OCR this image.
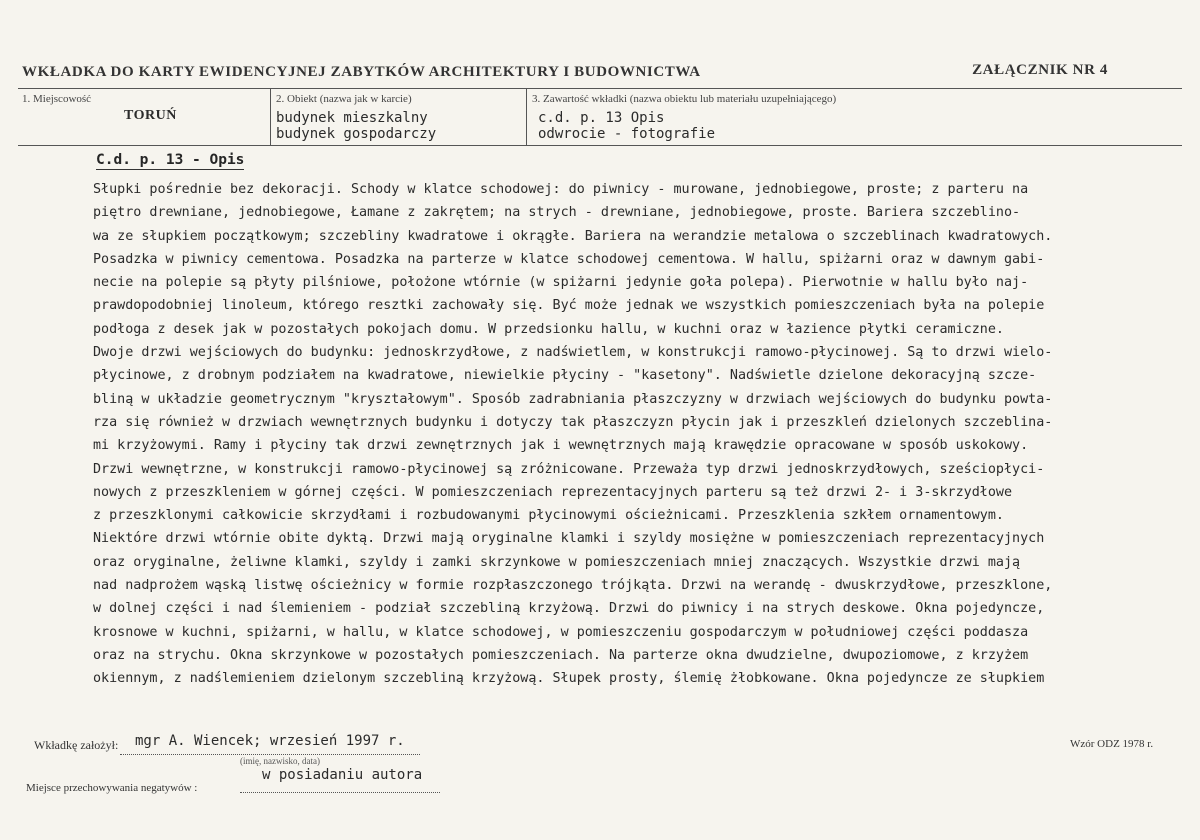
WKŁADKA DO KARTY EWIDENCYJNEJ ZABYTKÓW ARCHITEKTURY I BUDOWNICTWA	ZAŁĄCZNIK NR 4
1. Miejscowość
TORUŃ
2. Obiekt (nazwa jak w karcie)
budynek mieszkalny
budynek gospodarczy
3. Zawartość wkładki (nazwa obiektu lub materiału uzupełniającego)
c.d. p. 13 Opis
odwrocie - fotografie
C.d. p. 13 - Opis
Słupki pośrednie bez dekoracji. Schody w klatce schodowej: do piwnicy - murowane, jednobiegowe, proste; z parteru na
piętro drewniane, jednobiegowe, Łamane z zakrętem; na strych - drewniane, jednobiegowe, proste. Bariera szczeblino-
wa ze słupkiem początkowym; szczebliny kwadratowe i okrągłe. Bariera na werandzie metalowa o szczeblinach kwadratowych.
Posadzka w piwnicy cementowa. Posadzka na parterze w klatce schodowej cementowa. W hallu, spiżarni oraz w dawnym gabi-
necie na polepie są płyty pilśniowe, położone wtórnie (w spiżarni jedynie goła polepa). Pierwotnie w hallu było naj-
prawdopodobniej linoleum, którego resztki zachowały się. Być może jednak we wszystkich pomieszczeniach była na polepie
podłoga z desek jak w pozostałych pokojach domu. W przedsionku hallu, w kuchni oraz w łazience płytki ceramiczne.
Dwoje drzwi wejściowych do budynku: jednoskrzydłowe, z nadświetlem, w konstrukcji ramowo-płycinowej. Są to drzwi wielo-
płycinowe, z drobnym podziałem na kwadratowe, niewielkie płyciny - "kasetony". Nadświetle dzielone dekoracyjną szcze-
bliną w układzie geometrycznym "kryształowym". Sposób zadrabniania płaszczyzny w drzwiach wejściowych do budynku powta-
rza się również w drzwiach wewnętrznych budynku i dotyczy tak płaszczyzn płycin jak i przeszkleń dzielonych szczeblina-
mi krzyżowymi. Ramy i płyciny tak drzwi zewnętrznych jak i wewnętrznych mają krawędzie opracowane w sposób uskokowy.
Drzwi wewnętrzne, w konstrukcji ramowo-płycinowej są zróżnicowane. Przeważa typ drzwi jednoskrzydłowych, sześciopłyci-
nowych z przeszkleniem w górnej części. W pomieszczeniach reprezentacyjnych parteru są też drzwi 2- i 3-skrzydłowe
z przeszklonymi całkowicie skrzydłami i rozbudowanymi płycinowymi ościeżnicami. Przeszklenia szkłem ornamentowym.
Niektóre drzwi wtórnie obite dyktą. Drzwi mają oryginalne klamki i szyldy mosiężne w pomieszczeniach reprezentacyjnych
oraz oryginalne, żeliwne klamki, szyldy i zamki skrzynkowe w pomieszczeniach mniej znaczących. Wszystkie drzwi mają
nad nadprożem wąską listwę ościeżnicy w formie rozpłaszczonego trójkąta. Drzwi na werandę - dwuskrzydłowe, przeszklone,
w dolnej części i nad ślemieniem - podział szczebliną krzyżową. Drzwi do piwnicy i na strych deskowe. Okna pojedyncze,
krosnowe w kuchni, spiżarni, w hallu, w klatce schodowej, w pomieszczeniu gospodarczym w południowej części poddasza
oraz na strychu. Okna skrzynkowe w pozostałych pomieszczeniach. Na parterze okna dwudzielne, dwupoziomowe, z krzyżem
okiennym, z nadślemieniem dzielonym szczebliną krzyżową. Słupek prosty, ślemię żłobkowane. Okna pojedyncze ze słupkiem
Wkładkę założył: mgr A. Wiencek; wrzesień 1997 r.
(imię, nazwisko, data)
Wzór ODZ 1978 r.
Miejsce przechowywania negatywów :
w posiadaniu autora
